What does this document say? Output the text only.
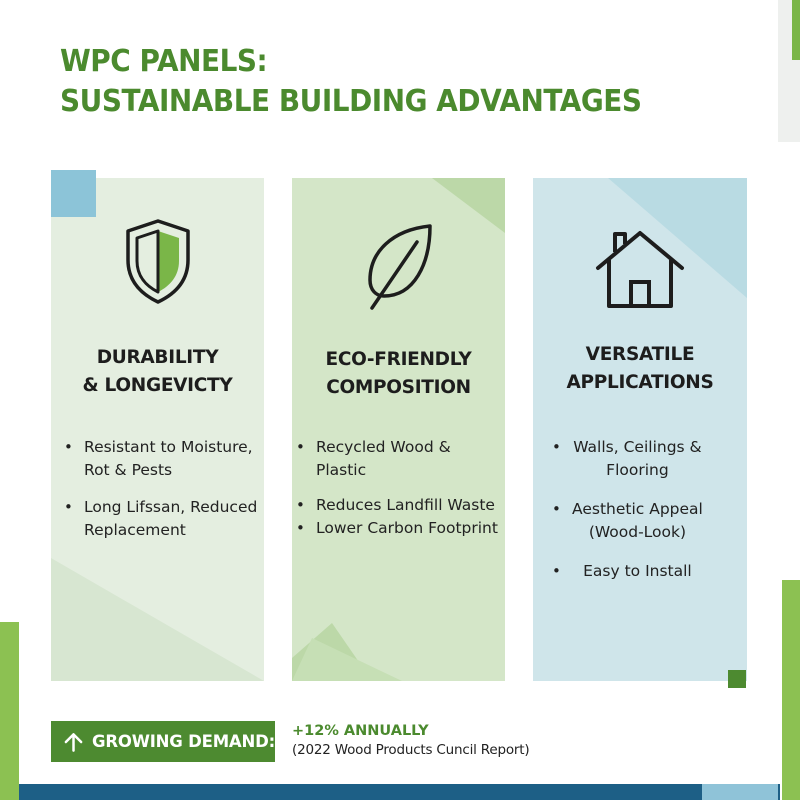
WPC PANELS:
SUSTAINABLE BUILDING ADVANTAGES
DURABILITY
& LONGEVICTY
• Resistant to Moisture,
Rot & Pests
• Long Lifssan, Reduced
Replacement
ECO-FRIENDLY
COMPOSITION
• Recycled Wood &
Plastic
• Reduces Landfill Waste
• Lower Carbon Footprint
VERSATILE
APPLICATIONS
• Walls, Ceilings &
Flooring
• Aesthetic Appeal
(Wood-Look)
• Easy to Install
GROWING DEMAND:
+12% ANNUALLY
(2022 Wood Products Cuncil Report)
